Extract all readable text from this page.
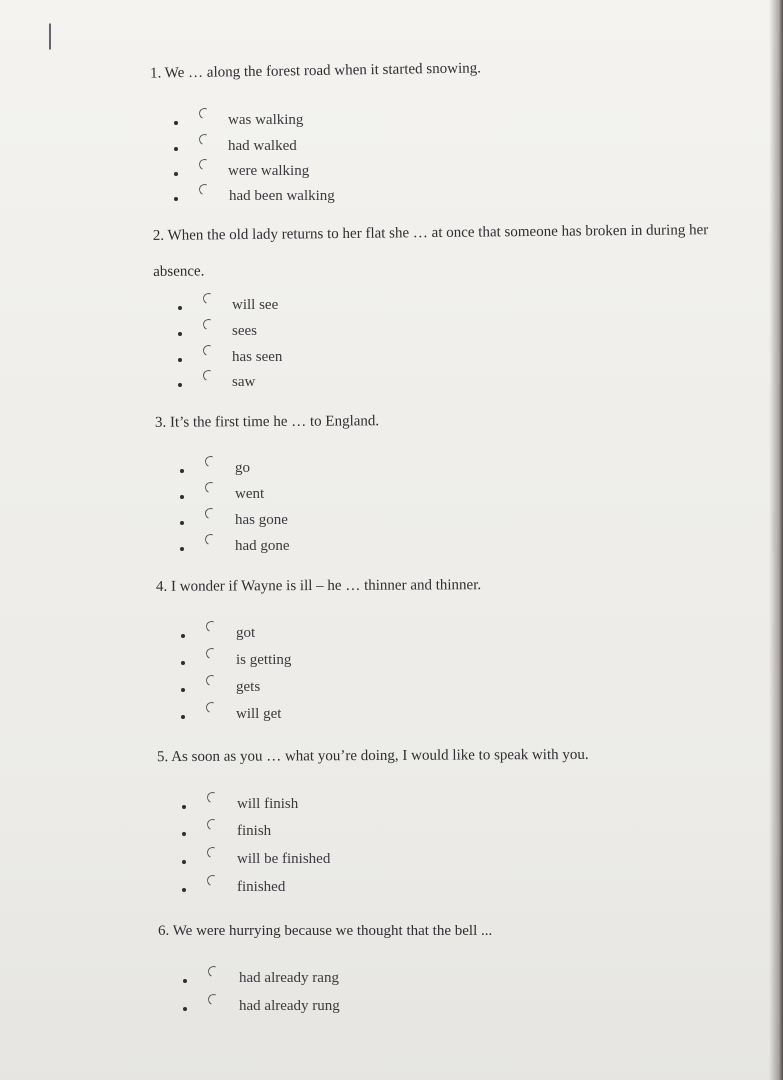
I
1. We … along the forest road when it started snowing.
was walking
had walked
were walking
had been walking
2. When the old lady returns to her flat she … at once that someone has broken in during her absence.
will see
sees
has seen
saw
3. It’s the first time he … to England.
go
went
has gone
had gone
4. I wonder if Wayne is ill – he … thinner and thinner.
got
is getting
gets
will get
5. As soon as you … what you’re doing, I would like to speak with you.
will finish
finish
will be finished
finished
6. We were hurrying because we thought that the bell ...
had already rang
had already rung
